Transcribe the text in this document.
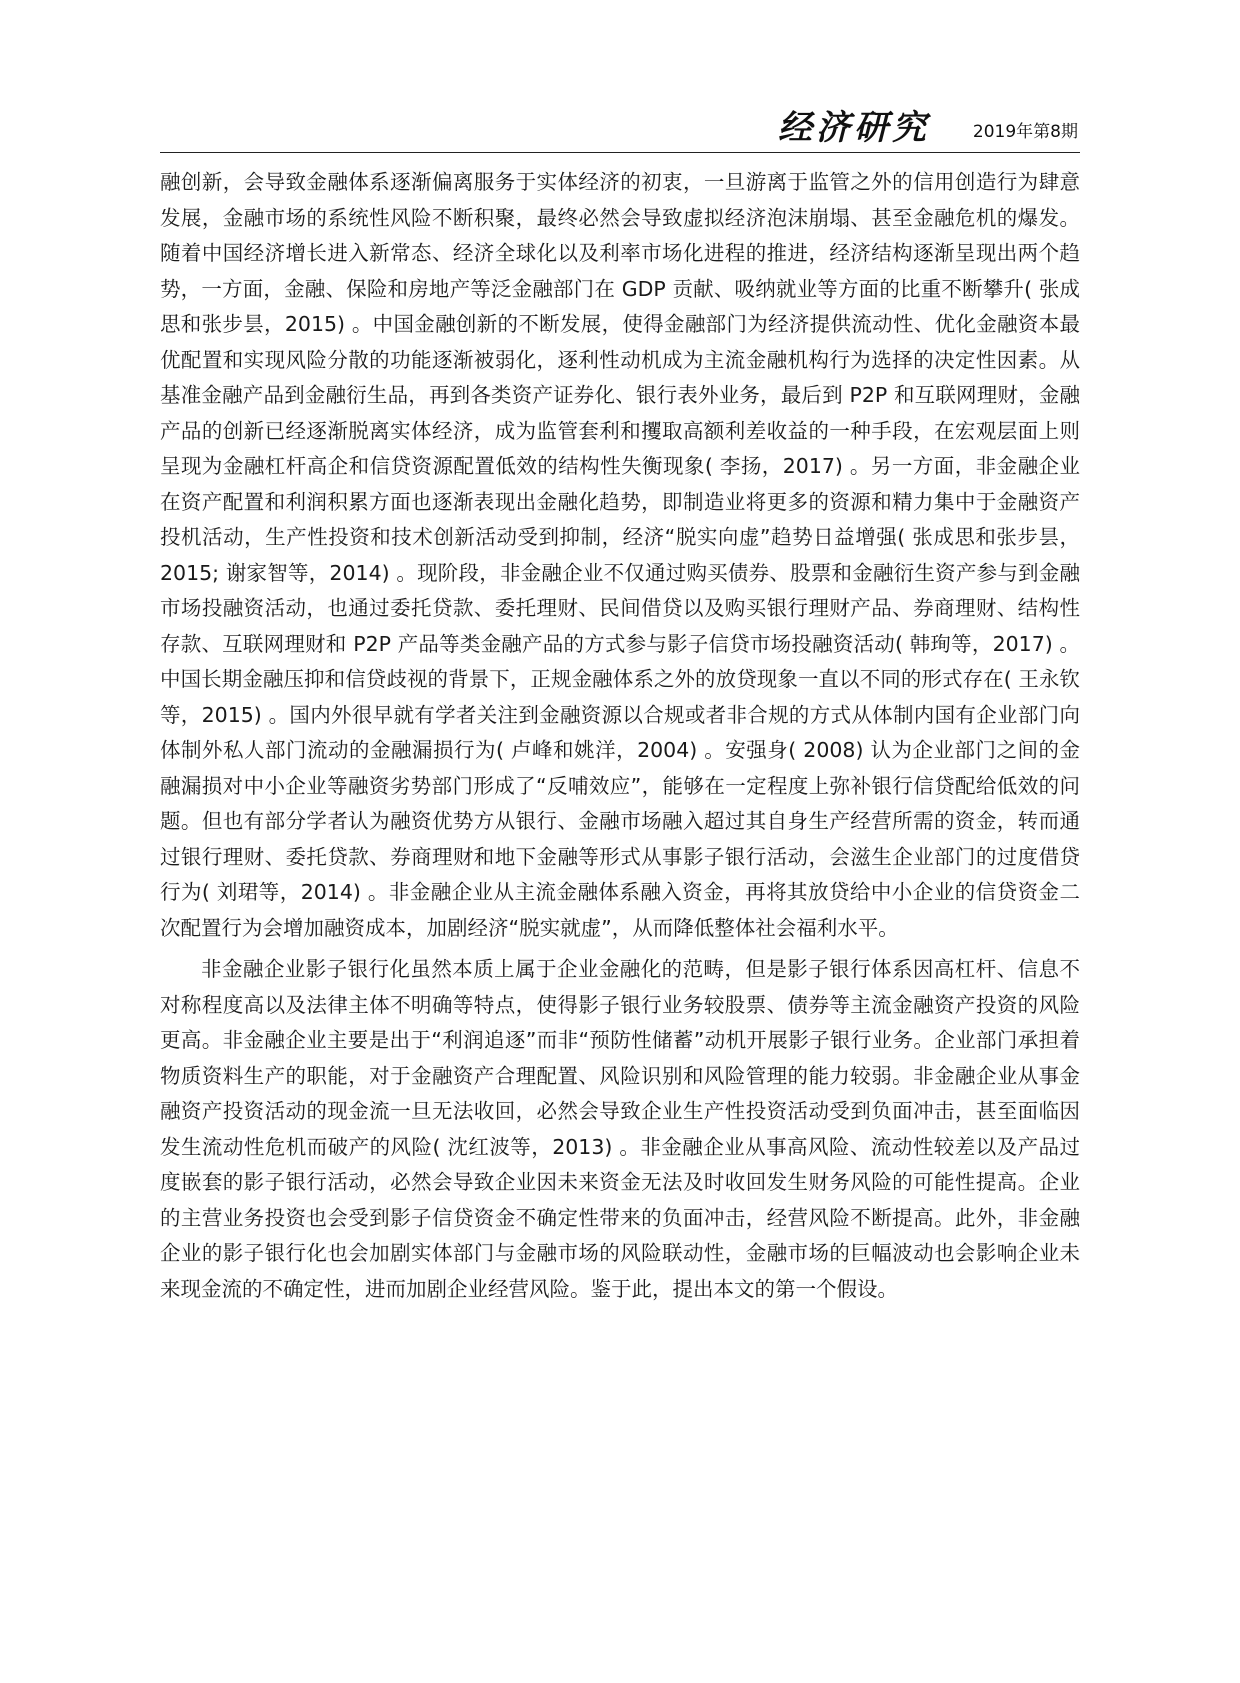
经济研究	2019年第8期

融创新，会导致金融体系逐渐偏离服务于实体经济的初衷，一旦游离于监管之外的信用创造行为肆意发展，金融市场的系统性风险不断积聚，最终必然会导致虚拟经济泡沫崩塌、甚至金融危机的爆发。随着中国经济增长进入新常态、经济全球化以及利率市场化进程的推进，经济结构逐渐呈现出两个趋势，一方面，金融、保险和房地产等泛金融部门在 GDP 贡献、吸纳就业等方面的比重不断攀升( 张成思和张步昙，2015) 。中国金融创新的不断发展，使得金融部门为经济提供流动性、优化金融资本最优配置和实现风险分散的功能逐渐被弱化，逐利性动机成为主流金融机构行为选择的决定性因素。从基准金融产品到金融衍生品，再到各类资产证券化、银行表外业务，最后到 P2P 和互联网理财，金融产品的创新已经逐渐脱离实体经济，成为监管套利和攫取高额利差收益的一种手段，在宏观层面上则呈现为金融杠杆高企和信贷资源配置低效的结构性失衡现象( 李扬，2017) 。另一方面，非金融企业在资产配置和利润积累方面也逐渐表现出金融化趋势，即制造业将更多的资源和精力集中于金融资产投机活动，生产性投资和技术创新活动受到抑制，经济“脱实向虚”趋势日益增强( 张成思和张步昙，2015; 谢家智等，2014) 。现阶段，非金融企业不仅通过购买债券、股票和金融衍生资产参与到金融市场投融资活动，也通过委托贷款、委托理财、民间借贷以及购买银行理财产品、券商理财、结构性存款、互联网理财和 P2P 产品等类金融产品的方式参与影子信贷市场投融资活动( 韩珣等，2017) 。中国长期金融压抑和信贷歧视的背景下，正规金融体系之外的放贷现象一直以不同的形式存在( 王永钦等，2015) 。国内外很早就有学者关注到金融资源以合规或者非合规的方式从体制内国有企业部门向体制外私人部门流动的金融漏损行为( 卢峰和姚洋，2004) 。安强身( 2008) 认为企业部门之间的金融漏损对中小企业等融资劣势部门形成了“反哺效应”，能够在一定程度上弥补银行信贷配给低效的问题。但也有部分学者认为融资优势方从银行、金融市场融入超过其自身生产经营所需的资金，转而通过银行理财、委托贷款、券商理财和地下金融等形式从事影子银行活动，会滋生企业部门的过度借贷行为( 刘珺等，2014) 。非金融企业从主流金融体系融入资金，再将其放贷给中小企业的信贷资金二次配置行为会增加融资成本，加剧经济“脱实就虚”，从而降低整体社会福利水平。

非金融企业影子银行化虽然本质上属于企业金融化的范畴，但是影子银行体系因高杠杆、信息不对称程度高以及法律主体不明确等特点，使得影子银行业务较股票、债券等主流金融资产投资的风险更高。非金融企业主要是出于“利润追逐”而非“预防性储蓄”动机开展影子银行业务。企业部门承担着物质资料生产的职能，对于金融资产合理配置、风险识别和风险管理的能力较弱。非金融企业从事金融资产投资活动的现金流一旦无法收回，必然会导致企业生产性投资活动受到负面冲击，甚至面临因发生流动性危机而破产的风险( 沈红波等，2013) 。非金融企业从事高风险、流动性较差以及产品过度嵌套的影子银行活动，必然会导致企业因未来资金无法及时收回发生财务风险的可能性提高。企业的主营业务投资也会受到影子信贷资金不确定性带来的负面冲击，经营风险不断提高。此外，非金融企业的影子银行化也会加剧实体部门与金融市场的风险联动性，金融市场的巨幅波动也会影响企业未来现金流的不确定性，进而加剧企业经营风险。鉴于此，提出本文的第一个假设。
